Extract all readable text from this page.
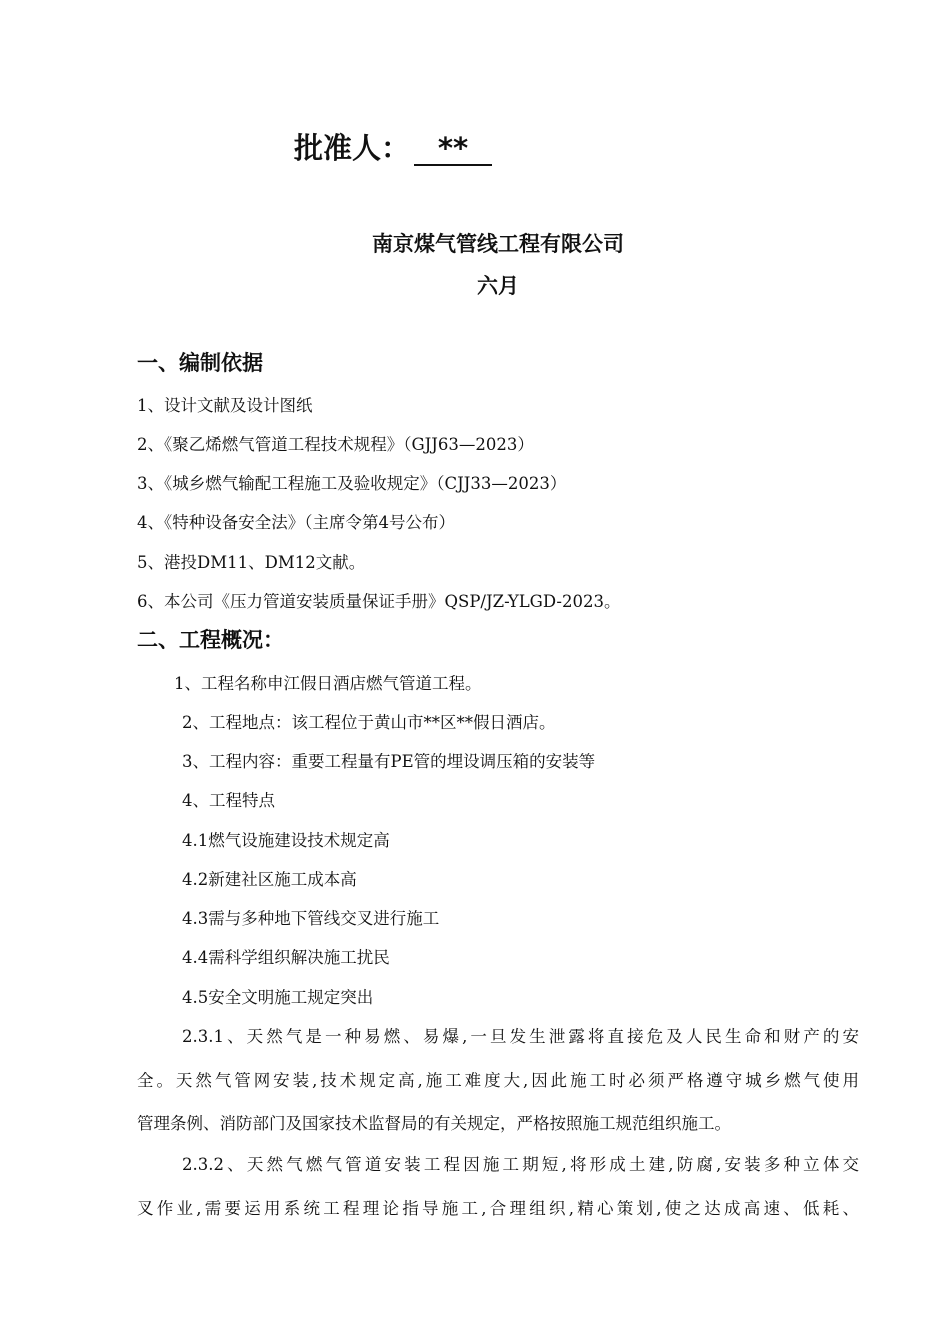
批准人： **
南京煤气管线工程有限公司
六月
一、编制依据
1、设计文献及设计图纸
2、《聚乙烯燃气管道工程技术规程》（GJJ63—2023）
3、《城乡燃气输配工程施工及验收规定》（CJJ33—2023）
4、《特种设备安全法》（主席令第4号公布）
5、港投DM11、DM12文献。
6、本公司《压力管道安装质量保证手册》QSP/JZ-YLGD-2023。
二、工程概况：
1、工程名称申江假日酒店燃气管道工程。
2、工程地点：该工程位于黄山市**区**假日酒店。
3、工程内容：重要工程量有PE管的埋设调压箱的安装等
4、工程特点
4.1燃气设施建设技术规定高
4.2新建社区施工成本高
4.3需与多种地下管线交叉进行施工
4.4需科学组织解决施工扰民
4.5安全文明施工规定突出
2.3.1、天然气是一种易燃、易爆,一旦发生泄露将直接危及人民生命和财产的安
全。天然气管网安装,技术规定高,施工难度大,因此施工时必须严格遵守城乡燃气使用
管理条例、消防部门及国家技术监督局的有关规定，严格按照施工规范组织施工。
2.3.2、天然气燃气管道安装工程因施工期短,将形成土建,防腐,安装多种立体交
叉作业,需要运用系统工程理论指导施工,合理组织,精心策划,使之达成高速、低耗、
